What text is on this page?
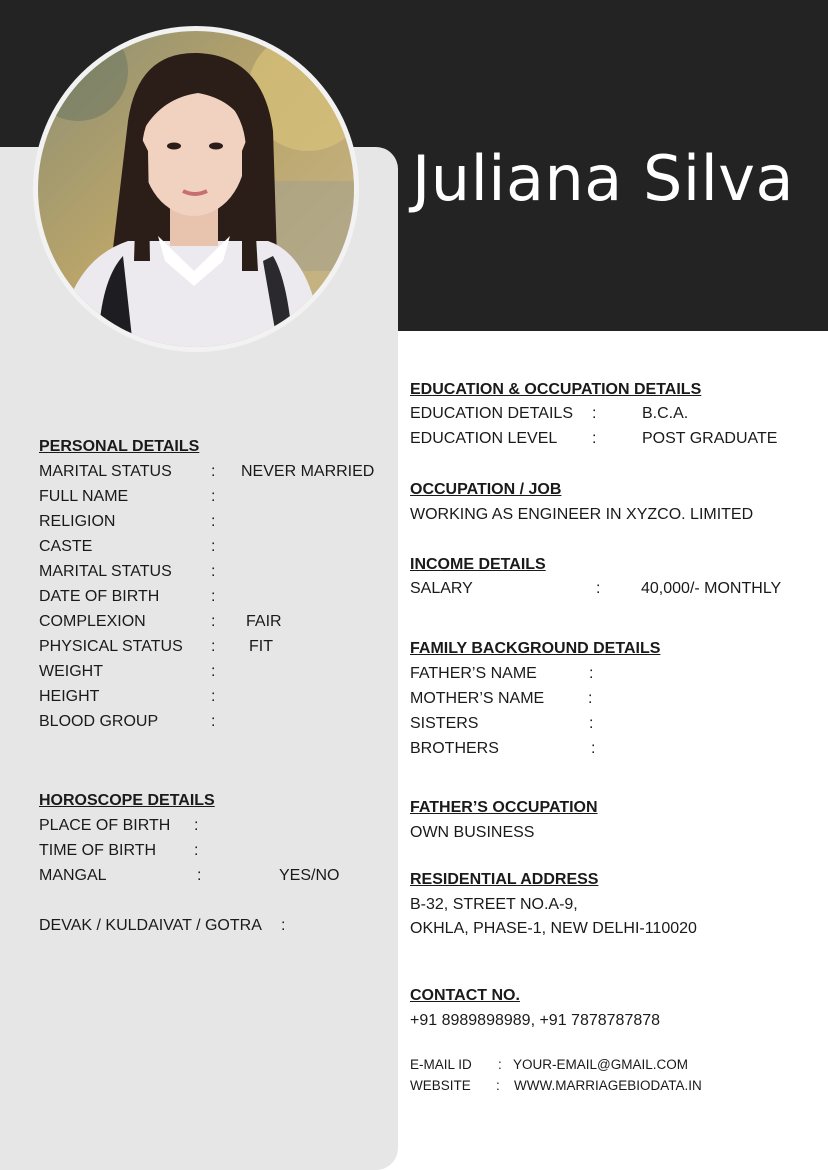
Juliana Silva
PERSONAL DETAILS
MARITAL STATUS : NEVER MARRIED
FULL NAME	:
RELIGION	:
CASTE	:
MARITAL STATUS :
DATE OF BIRTH	:
COMPLEXION	: FAIR
PHYSICAL STATUS : FIT
WEIGHT	:
HEIGHT	:
BLOOD GROUP	:
HOROSCOPE DETAILS
PLACE OF BIRTH :
TIME OF BIRTH :
MANGAL	:	YES/NO
DEVAK / KULDAIVAT / GOTRA :
EDUCATION & OCCUPATION DETAILS
EDUCATION DETAILS :	B.C.A.
EDUCATION LEVEL :	POST GRADUATE
OCCUPATION / JOB
WORKING AS ENGINEER IN XYZCO. LIMITED
INCOME DETAILS
SALARY	:	40,000/- MONTHLY
FAMILY BACKGROUND DETAILS
FATHER’S NAME	:
MOTHER’S NAME	:
SISTERS	:
BROTHERS	:
FATHER’S OCCUPATION
OWN BUSINESS
RESIDENTIAL ADDRESS
B-32, STREET NO.A-9,
OKHLA, PHASE-1, NEW DELHI-110020
CONTACT NO.
+91 8989898989, +91 7878787878
E-MAIL ID : YOUR-EMAIL@GMAIL.COM
WEBSITE : WWW.MARRIAGEBIODATA.IN
